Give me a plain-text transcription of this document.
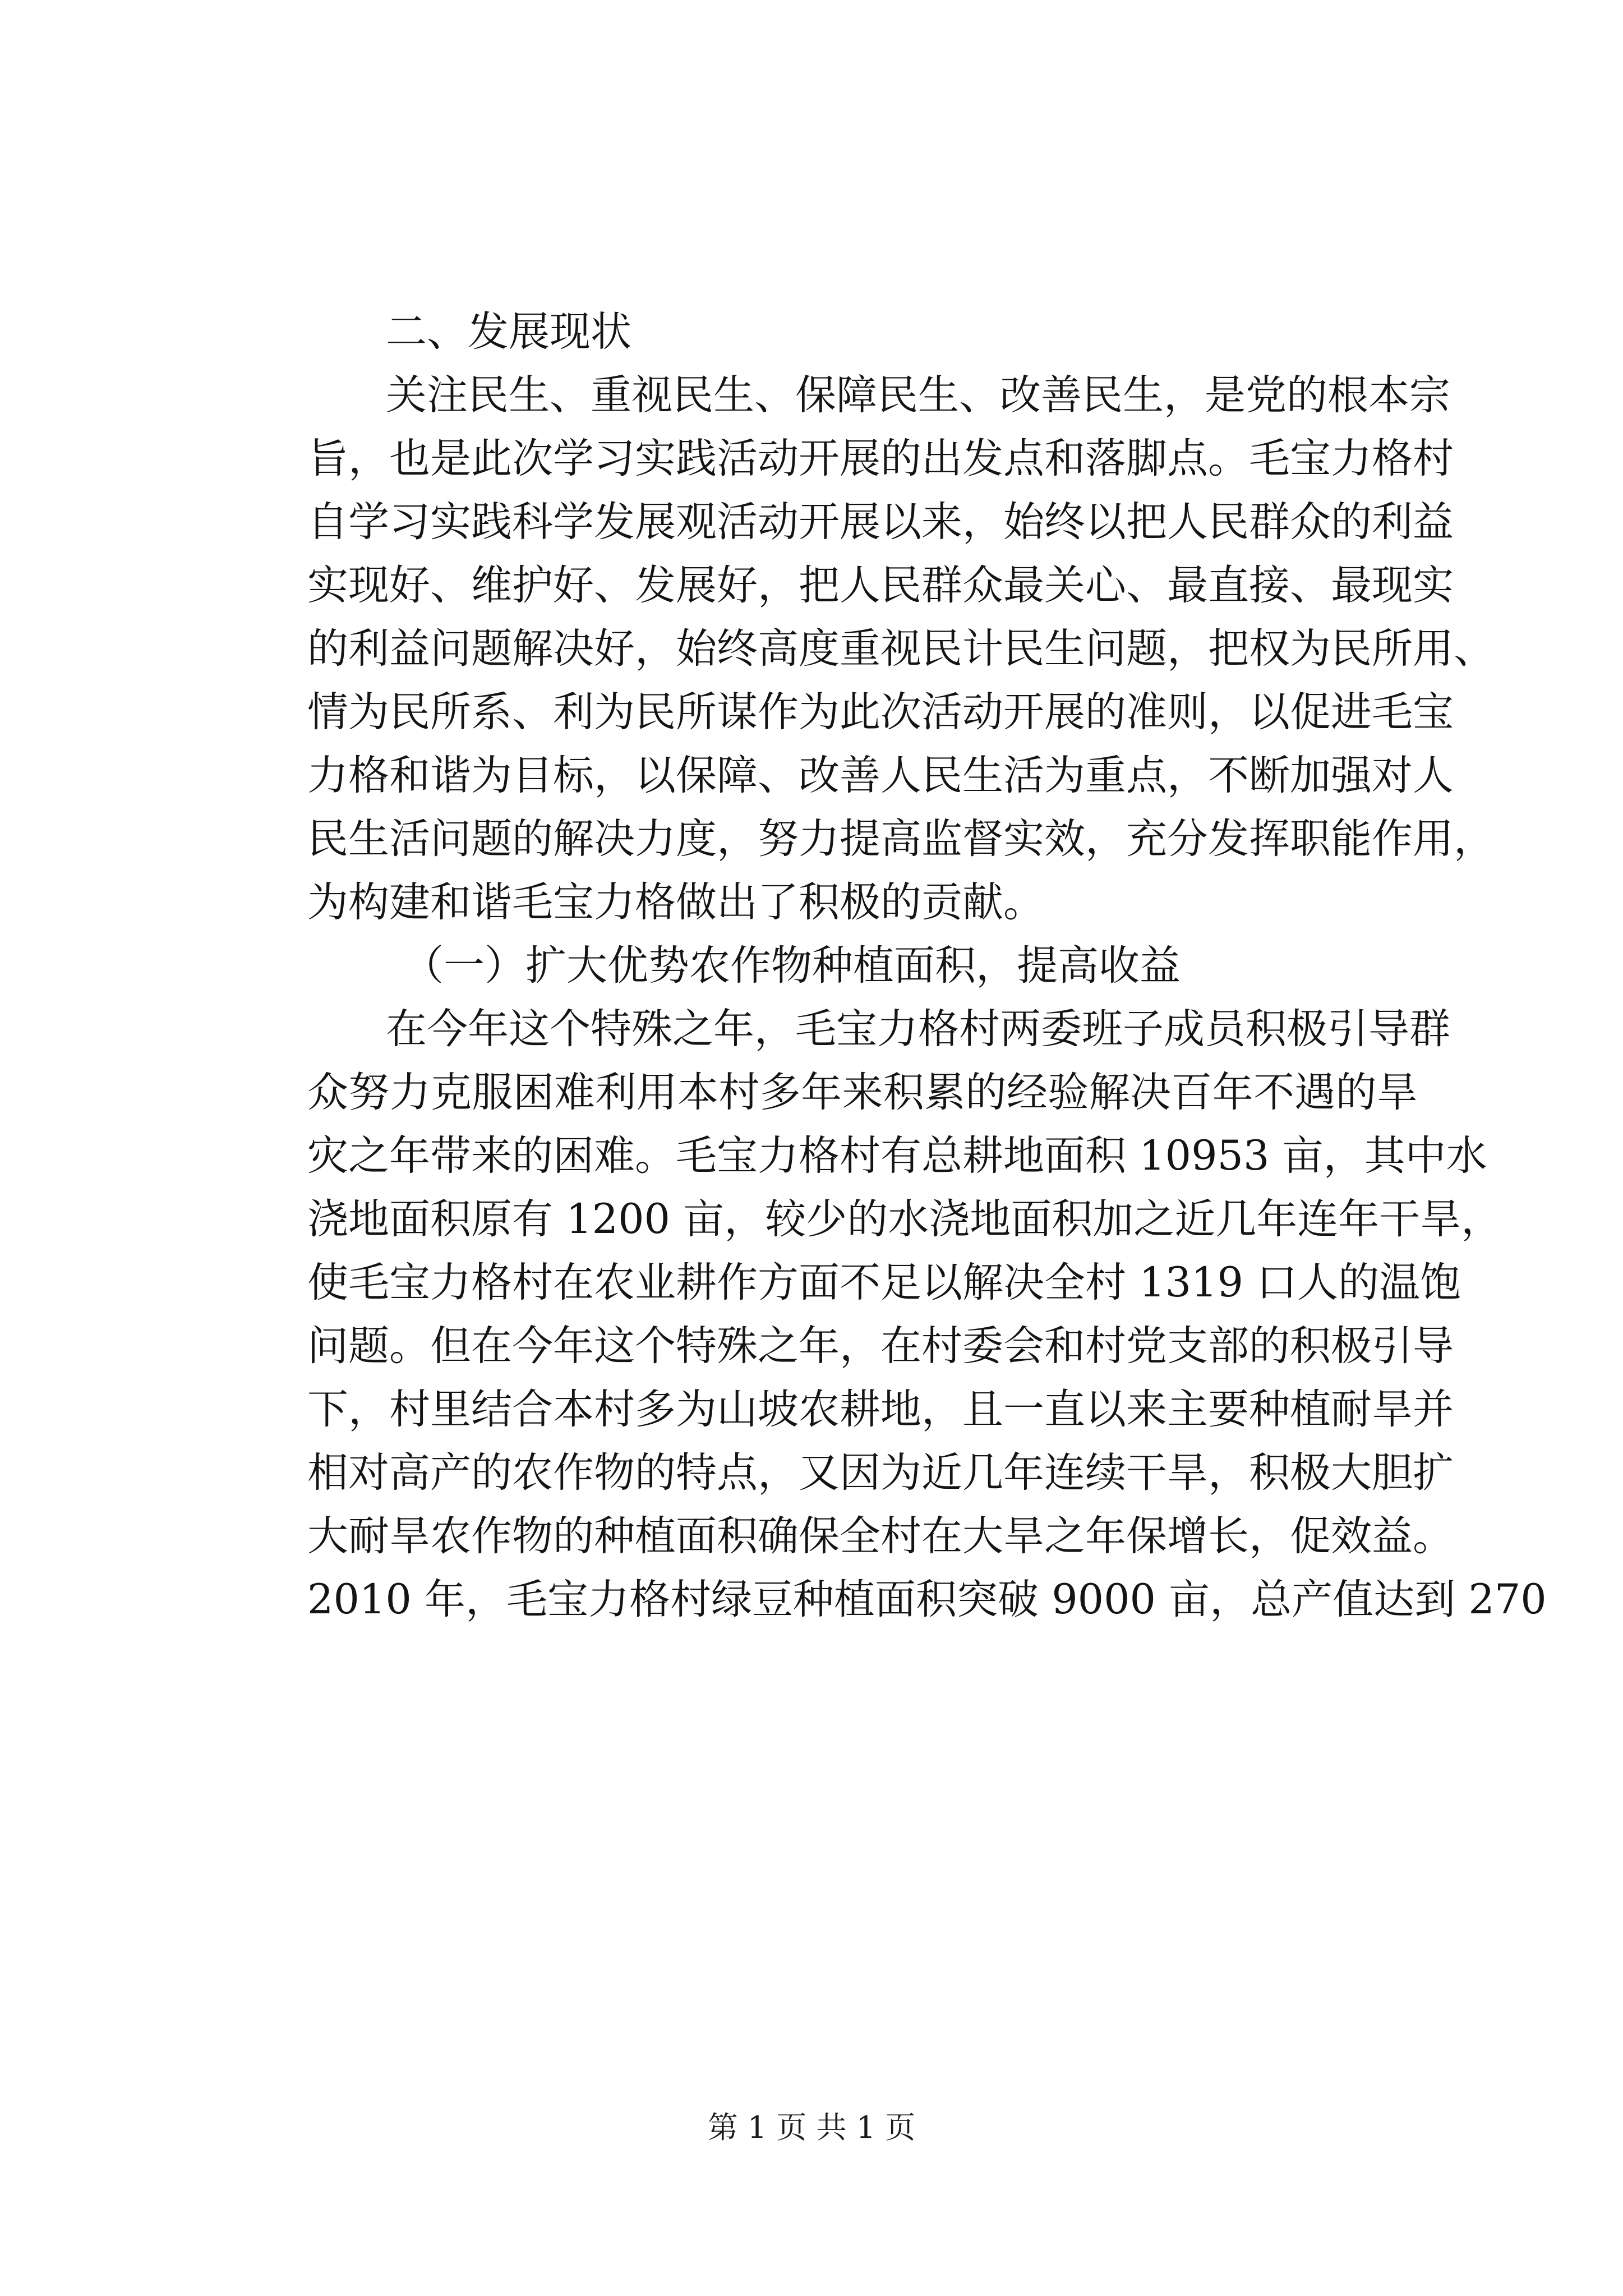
二、发展现状
关注民生、重视民生、保障民生、改善民生，是党的根本宗
旨，也是此次学习实践活动开展的出发点和落脚点。毛宝力格村
自学习实践科学发展观活动开展以来，始终以把人民群众的利益
实现好、维护好、发展好，把人民群众最关心、最直接、最现实
的利益问题解决好，始终高度重视民计民生问题，把权为民所用、
情为民所系、利为民所谋作为此次活动开展的准则，以促进毛宝
力格和谐为目标，以保障、改善人民生活为重点，不断加强对人
民生活问题的解决力度，努力提高监督实效，充分发挥职能作用，
为构建和谐毛宝力格做出了积极的贡献。
（一）扩大优势农作物种植面积，提高收益
在今年这个特殊之年，毛宝力格村两委班子成员积极引导群
众努力克服困难利用本村多年来积累的经验解决百年不遇的旱
灾之年带来的困难。毛宝力格村有总耕地面积 10953 亩，其中水
浇地面积原有 1200 亩，较少的水浇地面积加之近几年连年干旱，
使毛宝力格村在农业耕作方面不足以解决全村 1319 口人的温饱
问题。但在今年这个特殊之年，在村委会和村党支部的积极引导
下，村里结合本村多为山坡农耕地，且一直以来主要种植耐旱并
相对高产的农作物的特点，又因为近几年连续干旱，积极大胆扩
大耐旱农作物的种植面积确保全村在大旱之年保增长，促效益。
2010 年，毛宝力格村绿豆种植面积突破 9000 亩，总产值达到 270
第 1 页 共 1 页
